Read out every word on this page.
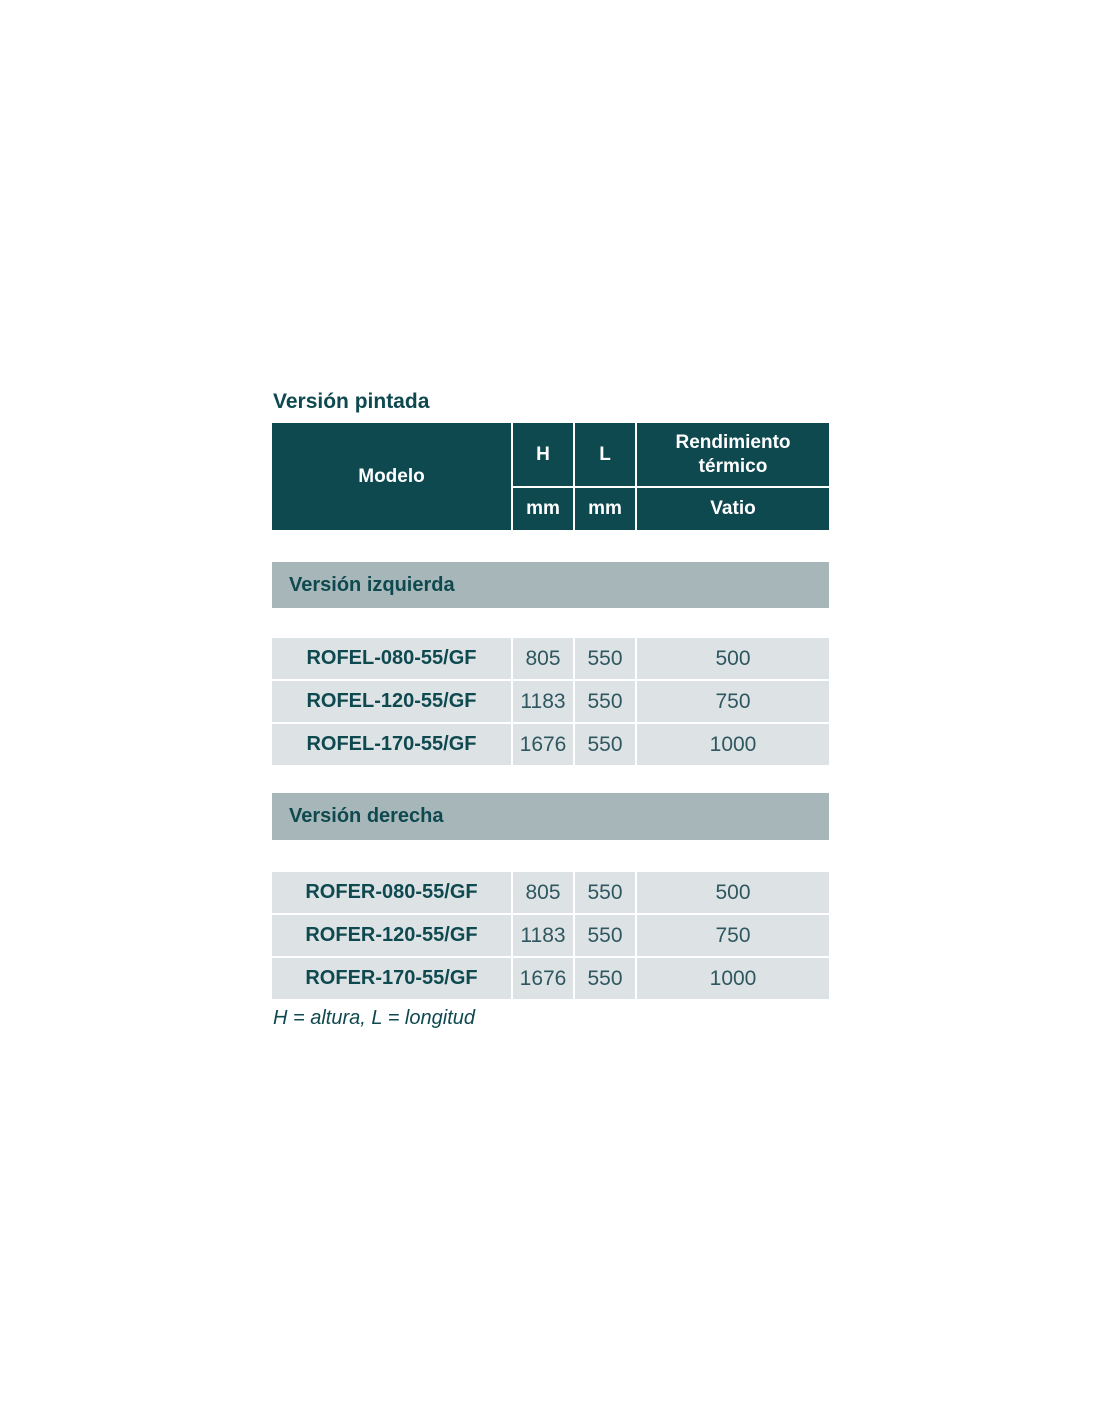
Versión pintada
Modelo
H	L
Rendimiento térmico
mm	mm	Vatio
Versión izquierda
ROFEL-080-55/GF	805	550	500
ROFEL-120-55/GF	1183	550	750
ROFEL-170-55/GF	1676	550	1000
Versión derecha
ROFER-080-55/GF	805	550	500
ROFER-120-55/GF	1183	550	750
ROFER-170-55/GF	1676	550	1000

H = altura, L = longitud
